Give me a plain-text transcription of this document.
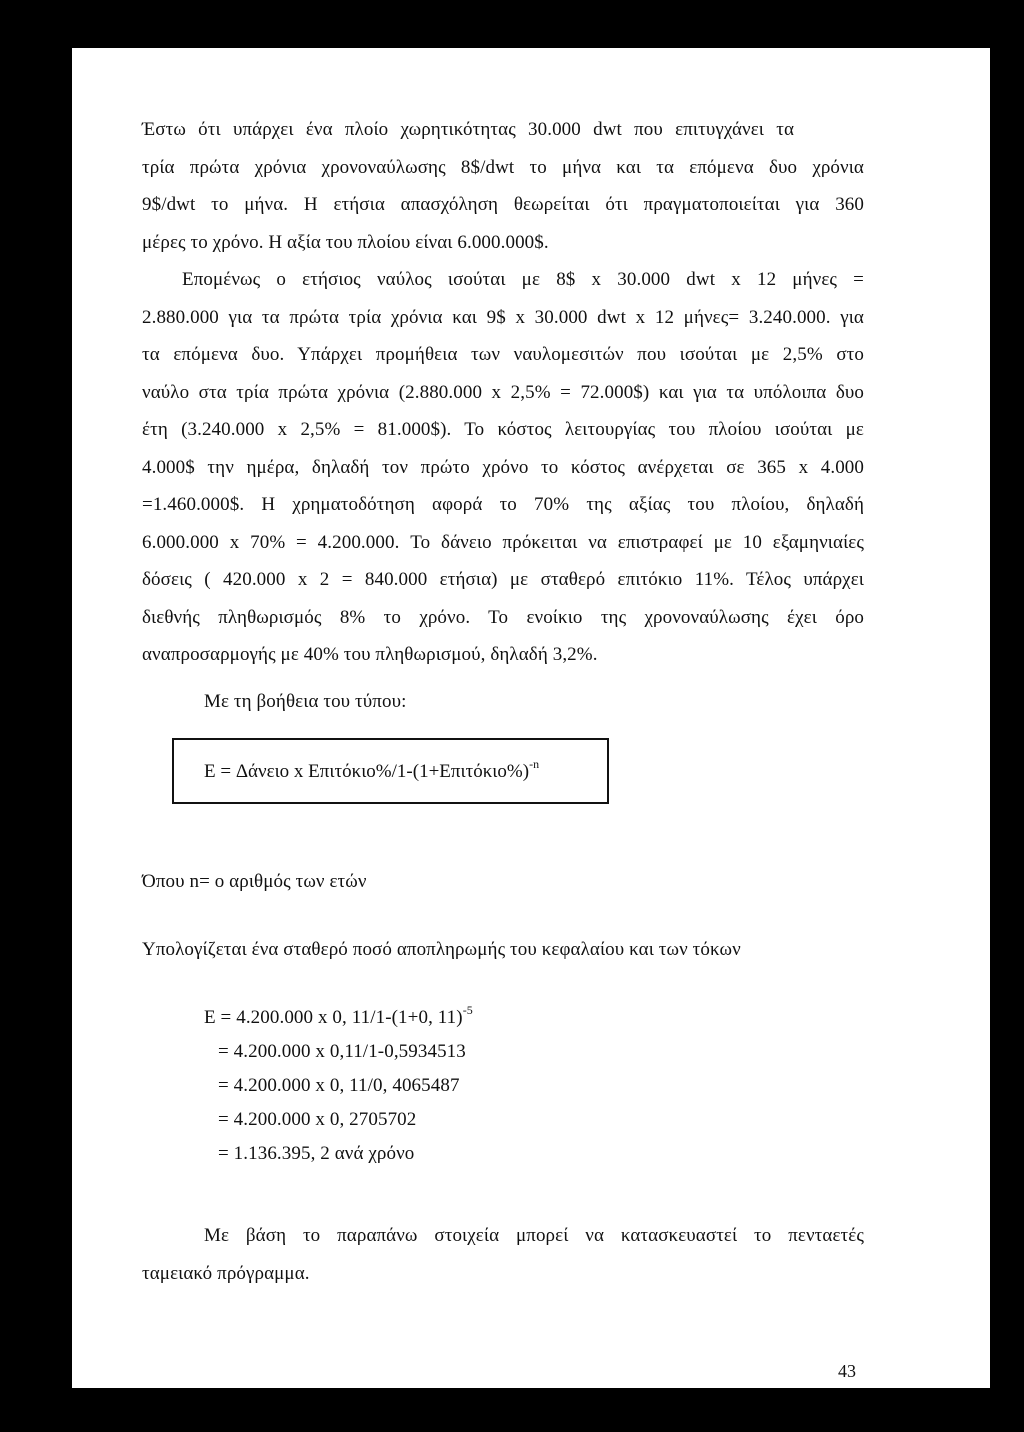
Έστω ότι υπάρχει ένα πλοίο χωρητικότητας 30.000 dwt που επιτυγχάνει τα
τρία πρώτα χρόνια χρονοναύλωσης 8$/dwt το μήνα και τα επόμενα δυο χρόνια
9$/dwt το μήνα. Η ετήσια απασχόληση θεωρείται ότι πραγματοποιείται για 360
μέρες το χρόνο. Η αξία του πλοίου είναι 6.000.000$.
Επομένως ο ετήσιος ναύλος ισούται με 8$ x 30.000 dwt x 12 μήνες =
2.880.000 για τα πρώτα τρία χρόνια και 9$ x 30.000 dwt x 12 μήνες= 3.240.000. για
τα επόμενα δυο. Υπάρχει προμήθεια των ναυλομεσιτών που ισούται με 2,5% στο
ναύλο στα τρία πρώτα χρόνια (2.880.000 x 2,5% = 72.000$) και για τα υπόλοιπα δυο
έτη (3.240.000 x 2,5% = 81.000$). Το κόστος λειτουργίας του πλοίου ισούται με
4.000$ την ημέρα, δηλαδή τον πρώτο χρόνο το κόστος ανέρχεται σε 365 x 4.000
=1.460.000$. Η χρηματοδότηση αφορά το 70% της αξίας του πλοίου, δηλαδή
6.000.000 x 70% = 4.200.000. Το δάνειο πρόκειται να επιστραφεί με 10 εξαμηνιαίες
δόσεις ( 420.000 x 2 = 840.000 ετήσια) με σταθερό επιτόκιο 11%. Τέλος υπάρχει
διεθνής πληθωρισμός 8% το χρόνο. Το ενοίκιο της χρονοναύλωσης έχει όρο
αναπροσαρμογής με 40% του πληθωρισμού, δηλαδή 3,2%.
Με τη βοήθεια του τύπου:
E = Δάνειο x $E\pi\iota\tau ό\kappa\iota o\%/1-(1+E\pi\iota\tau ό\kappa\iota o\%)^{-n}$
Όπου n= ο αριθμός των ετών
Υπολογίζεται ένα σταθερό ποσό αποπληρωμής του κεφαλαίου και των τόκων
E = 4.200.000 x 0, 11/1-(1+0, 11)$^{-5}$
= 4.200.000 x 0,11/1-0,5934513
= 4.200.000 x 0, 11/0, 4065487
= 4.200.000 x 0, 2705702
= 1.136.395, 2 ανά χρόνο
Με βάση το παραπάνω στοιχεία μπορεί να κατασκευαστεί το πενταετές
ταμειακό πρόγραμμα.
43
